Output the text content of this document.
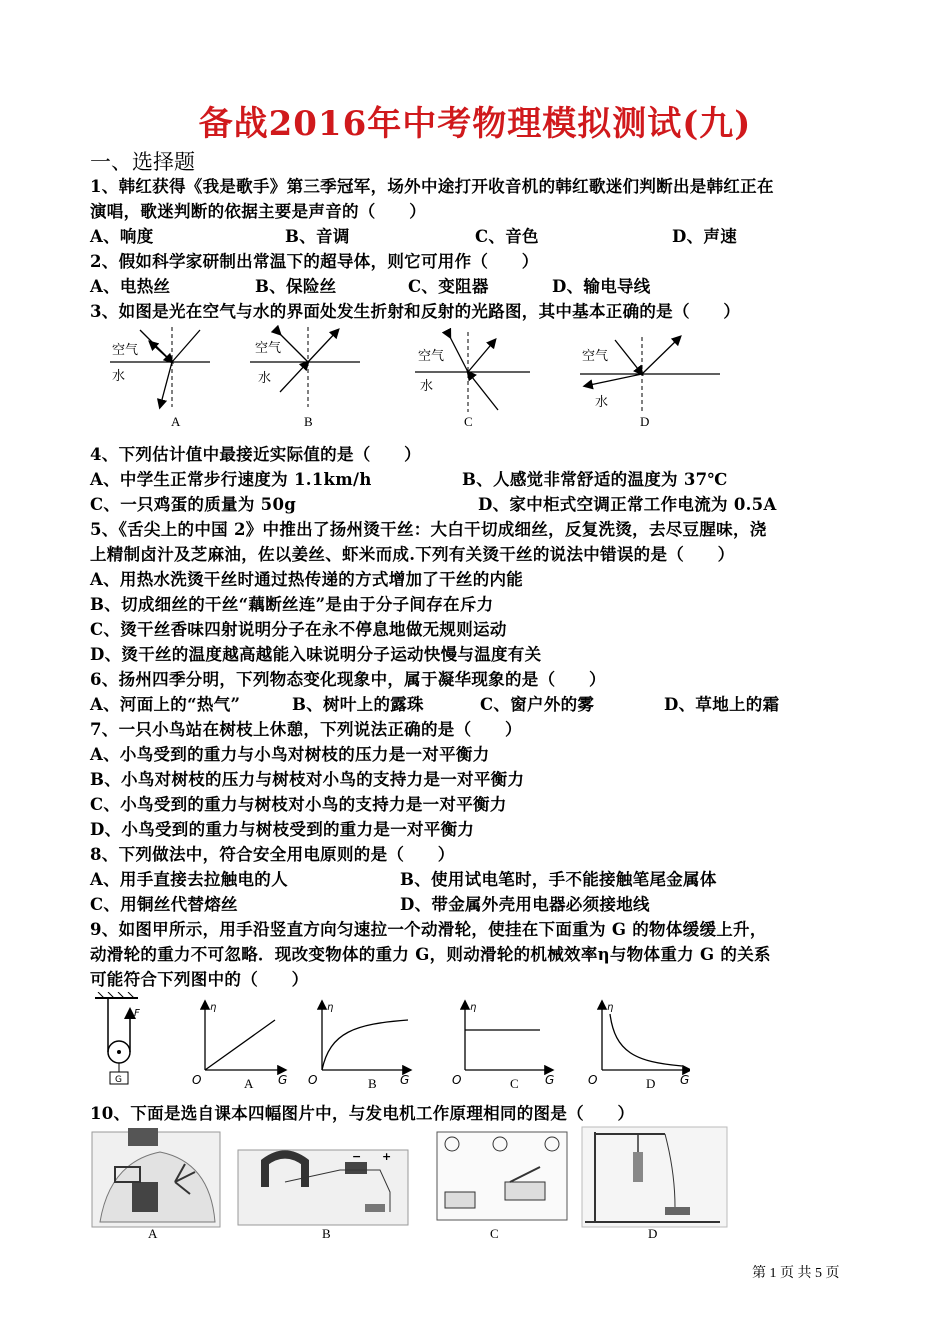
备战2016年中考物理模拟测试(九)
一、选择题
1、韩红获得《我是歌手》第三季冠军，场外中途打开收音机的韩红歌迷们判断出是韩红正在
演唱，歌迷判断的依据主要是声音的（　　）
A、响度	B、音调	C、音色	D、声速
2、假如科学家研制出常温下的超导体，则它可用作（　　）
A、电热丝	B、保险丝	C、变阻器	D、输电导线
3、如图是光在空气与水的界面处发生折射和反射的光路图，其中基本正确的是（　　）
空气
水
空气
水
空气
水
空气
水
A	B	C	D
4、下列估计值中最接近实际值的是（　　）
A、中学生正常步行速度为 1.1km/h	B、人感觉非常舒适的温度为 37℃
C、一只鸡蛋的质量为 50g	D、家中柜式空调正常工作电流为 0.5A
5、《舌尖上的中国 2》中推出了扬州烫干丝：大白干切成细丝，反复洗烫，去尽豆腥味，浇
上精制卤汁及芝麻油，佐以姜丝、虾米而成.下列有关烫干丝的说法中错误的是（　　）
A、用热水洗烫干丝时通过热传递的方式增加了干丝的内能
B、切成细丝的干丝“藕断丝连”是由于分子间存在斥力
C、烫干丝香味四射说明分子在永不停息地做无规则运动
D、烫干丝的温度越高越能入味说明分子运动快慢与温度有关
6、扬州四季分明，下列物态变化现象中，属于凝华现象的是（　　）
A、河面上的“热气”	B、树叶上的露珠	C、窗户外的雾	D、草地上的霜
7、一只小鸟站在树枝上休憩，下列说法正确的是（　　）
A、小鸟受到的重力与小鸟对树枝的压力是一对平衡力
B、小鸟对树枝的压力与树枝对小鸟的支持力是一对平衡力
C、小鸟受到的重力与树枝对小鸟的支持力是一对平衡力
D、小鸟受到的重力与树枝受到的重力是一对平衡力
8、下列做法中，符合安全用电原则的是（　　）
A、用手直接去拉触电的人	B、使用试电笔时，手不能接触笔尾金属体
C、用铜丝代替熔丝	D、带金属外壳用电器必须接地线
9、如图甲所示，用手沿竖直方向匀速拉一个动滑轮，使挂在下面重为 G 的物体缓缓上升，
动滑轮的重力不可忽略．现改变物体的重力 G，则动滑轮的机械效率η与物体重力 G 的关系
可能符合下列图中的（　　）
F
G
η
O	G
η
O	G
η
O	G
η
O	G
A	B	C	D
10、下面是选自课本四幅图片中，与发电机工作原理相同的图是（　　）
− +
A	B	C	D
第 1 页 共 5 页
